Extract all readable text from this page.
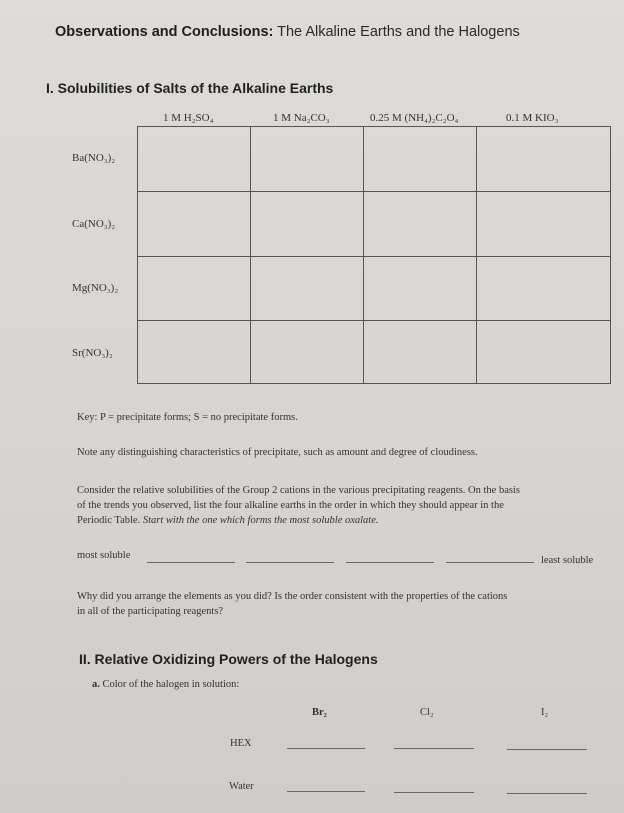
Observations and Conclusions: The Alkaline Earths and the Halogens
I. Solubilities of Salts of the Alkaline Earths
1 M H₂SO₄	1 M Na₂CO₃	0.25 M (NH₄)₂C₂O₄	0.1 M KIO₃
Ba(NO₃)₂
Ca(NO₃)₂
Mg(NO₃)₂
Sr(NO₃)₂
Key: P = precipitate forms; S = no precipitate forms.
Note any distinguishing characteristics of precipitate, such as amount and degree of cloudiness.
Consider the relative solubilities of the Group 2 cations in the various precipitating reagents. On the basis
of the trends you observed, list the four alkaline earths in the order in which they should appear in the
Periodic Table. Start with the one which forms the most soluble oxalate.
most soluble	least soluble
Why did you arrange the elements as you did? Is the order consistent with the properties of the cations
in all of the participating reagents?
II. Relative Oxidizing Powers of the Halogens
a. Color of the halogen in solution:
Br₂	Cl₂	I₂
HEX
Water
